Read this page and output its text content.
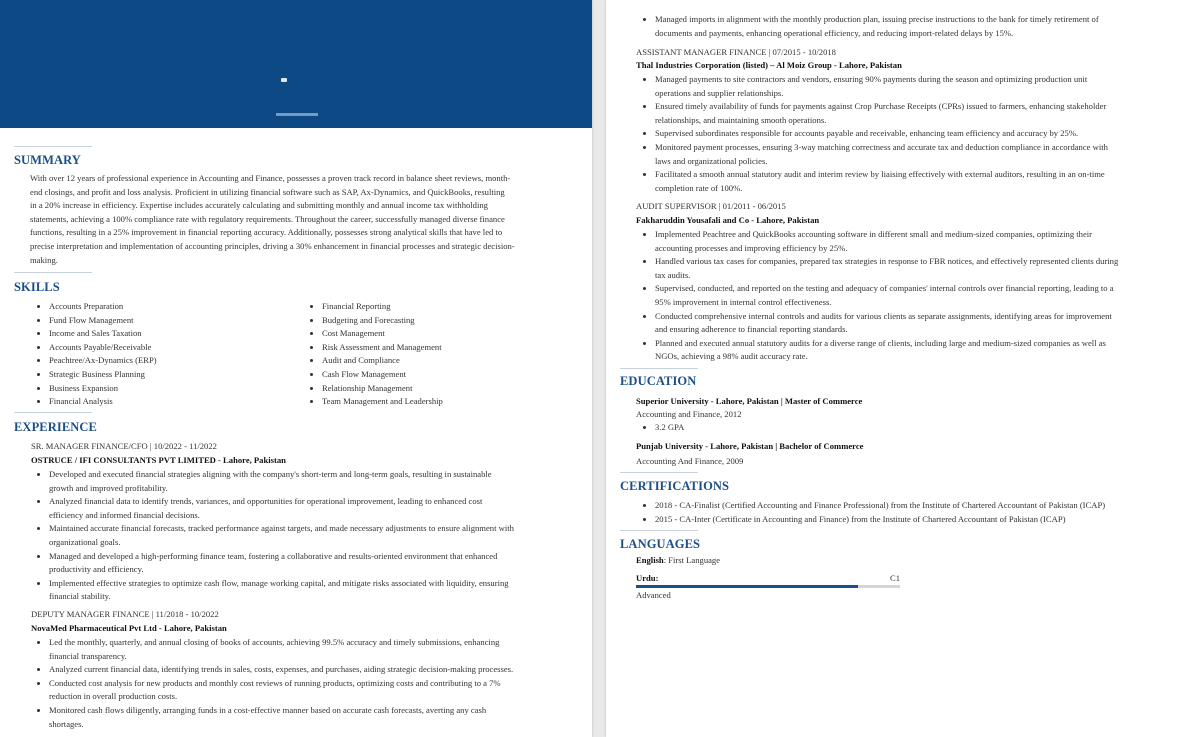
SUMMARY
With over 12 years of professional experience in Accounting and Finance, possesses a proven track record in balance sheet reviews, month-
end closings, and profit and loss analysis. Proficient in utilizing financial software such as SAP, Ax-Dynamics, and QuickBooks, resulting
in a 20% increase in efficiency. Expertise includes accurately calculating and submitting monthly and annual income tax withholding
statements, achieving a 100% compliance rate with regulatory requirements. Throughout the career, successfully managed diverse finance
functions, resulting in a 25% improvement in financial reporting accuracy. Additionally, possesses strong analytical skills that have led to
precise interpretation and implementation of accounting principles, driving a 30% enhancement in financial processes and strategic decision-
making.
SKILLS
• Accounts Preparation
• Fund Flow Management
• Income and Sales Taxation
• Accounts Payable/Receivable
• Peachtree/Ax-Dynamics (ERP)
• Strategic Business Planning
• Business Expansion
• Financial Analysis
• Financial Reporting
• Budgeting and Forecasting
• Cost Management
• Risk Assessment and Management
• Audit and Compliance
• Cash Flow Management
• Relationship Management
• Team Management and Leadership
EXPERIENCE
SR. MANAGER FINANCE/CFO | 10/2022 - 11/2022
OSTRUCE / IFI CONSULTANTS PVT LIMITED - Lahore, Pakistan
• Developed and executed financial strategies aligning with the company's short-term and long-term goals, resulting in sustainable
growth and improved profitability.
• Analyzed financial data to identify trends, variances, and opportunities for operational improvement, leading to enhanced cost
efficiency and informed financial decisions.
• Maintained accurate financial forecasts, tracked performance against targets, and made necessary adjustments to ensure alignment with
organizational goals.
• Managed and developed a high-performing finance team, fostering a collaborative and results-oriented environment that enhanced
productivity and efficiency.
• Implemented effective strategies to optimize cash flow, manage working capital, and mitigate risks associated with liquidity, ensuring
financial stability.
DEPUTY MANAGER FINANCE | 11/2018 - 10/2022
NovaMed Pharmaceutical Pvt Ltd - Lahore, Pakistan
• Led the monthly, quarterly, and annual closing of books of accounts, achieving 99.5% accuracy and timely submissions, enhancing
financial transparency.
• Analyzed current financial data, identifying trends in sales, costs, expenses, and purchases, aiding strategic decision-making processes.
• Conducted cost analysis for new products and monthly cost reviews of running products, optimizing costs and contributing to a 7%
reduction in overall production costs.
• Monitored cash flows diligently, arranging funds in a cost-effective manner based on accurate cash forecasts, averting any cash
shortages.
• Managed imports in alignment with the monthly production plan, issuing precise instructions to the bank for timely retirement of
documents and payments, enhancing operational efficiency, and reducing import-related delays by 15%.
ASSISTANT MANAGER FINANCE | 07/2015 - 10/2018
Thal Industries Corporation (listed) – Al Moiz Group - Lahore, Pakistan
• Managed payments to site contractors and vendors, ensuring 90% payments during the season and optimizing production unit
operations and supplier relationships.
• Ensured timely availability of funds for payments against Crop Purchase Receipts (CPRs) issued to farmers, enhancing stakeholder
relationships, and maintaining smooth operations.
• Supervised subordinates responsible for accounts payable and receivable, enhancing team efficiency and accuracy by 25%.
• Monitored payment processes, ensuring 3-way matching correctness and accurate tax and deduction compliance in accordance with
laws and organizational policies.
• Facilitated a smooth annual statutory audit and interim review by liaising effectively with external auditors, resulting in an on-time
completion rate of 100%.
AUDIT SUPERVISOR | 01/2011 - 06/2015
Fakharuddin Yousafali and Co - Lahore, Pakistan
• Implemented Peachtree and QuickBooks accounting software in different small and medium-sized companies, optimizing their
accounting processes and improving efficiency by 25%.
• Handled various tax cases for companies, prepared tax strategies in response to FBR notices, and effectively represented clients during
tax audits.
• Supervised, conducted, and reported on the testing and adequacy of companies' internal controls over financial reporting, leading to a
95% improvement in internal control effectiveness.
• Conducted comprehensive internal controls and audits for various clients as separate assignments, identifying areas for improvement
and ensuring adherence to financial reporting standards.
• Planned and executed annual statutory audits for a diverse range of clients, including large and medium-sized companies as well as
NGOs, achieving a 98% audit accuracy rate.
EDUCATION
Superior University - Lahore, Pakistan | Master of Commerce
Accounting and Finance, 2012
• 3.2 GPA
Punjab University - Lahore, Pakistan | Bachelor of Commerce
Accounting And Finance, 2009
CERTIFICATIONS
• 2018 - CA-Finalist (Certified Accounting and Finance Professional) from the Institute of Chartered Accountant of Pakistan (ICAP)
• 2015 - CA-Inter (Certificate in Accounting and Finance) from the Institute of Chartered Accountant of Pakistan (ICAP)
LANGUAGES
English: First Language
Urdu:	C1
Advanced
